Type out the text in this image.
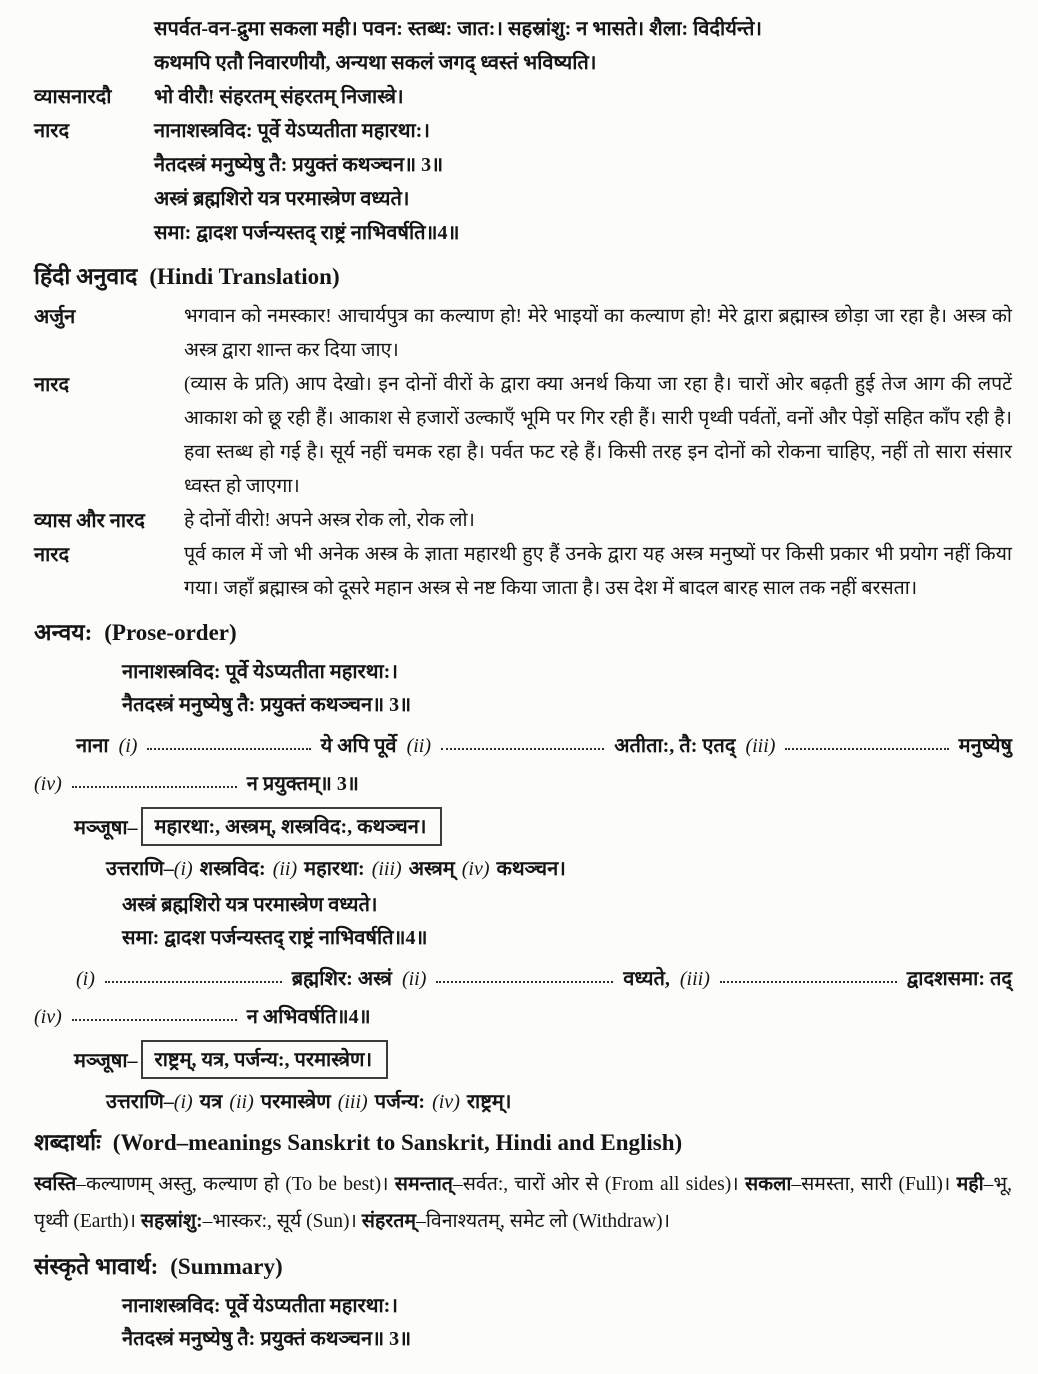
सपर्वत-वन-द्रुमा सकला मही। पवन: स्तब्ध: जात:। सहस्रांशु: न भासते। शैला: विदीर्यन्ते।
कथमपि एतौ निवारणीयौ, अन्यथा सकलं जगद् ध्वस्तं भविष्यति।
व्यासनारदौ	भो वीरौ! संहरतम् संहरतम् निजास्त्रे।
नारद	नानाशस्त्रविद: पूर्वे येऽप्यतीता महारथा:।
नैतदस्त्रं मनुष्येषु तै: प्रयुक्तं कथञ्चन॥ 3॥
अस्त्रं ब्रह्मशिरो यत्र परमास्त्रेण वध्यते।
समा: द्वादश पर्जन्यस्तद् राष्ट्रं नाभिवर्षति॥4॥
हिंदी अनुवाद (Hindi Translation)
अर्जुन	भगवान को नमस्कार! आचार्यपुत्र का कल्याण हो! मेरे भाइयों का कल्याण हो! मेरे द्वारा ब्रह्मास्त्र छोड़ा जा रहा है। अस्त्र को अस्त्र द्वारा शान्त कर दिया जाए।
नारद	(व्यास के प्रति) आप देखो। इन दोनों वीरों के द्वारा क्या अनर्थ किया जा रहा है। चारों ओर बढ़ती हुई तेज आग की लपटें आकाश को छू रही हैं। आकाश से हजारों उल्काएँ भूमि पर गिर रही हैं। सारी पृथ्वी पर्वतों, वनों और पेड़ों सहित काँप रही है। हवा स्तब्ध हो गई है। सूर्य नहीं चमक रहा है। पर्वत फट रहे हैं। किसी तरह इन दोनों को रोकना चाहिए, नहीं तो सारा संसार ध्वस्त हो जाएगा।
व्यास और नारद	हे दोनों वीरो! अपने अस्त्र रोक लो, रोक लो।
नारद	पूर्व काल में जो भी अनेक अस्त्र के ज्ञाता महारथी हुए हैं उनके द्वारा यह अस्त्र मनुष्यों पर किसी प्रकार भी प्रयोग नहीं किया गया। जहाँ ब्रह्मास्त्र को दूसरे महान अस्त्र से नष्ट किया जाता है। उस देश में बादल बारह साल तक नहीं बरसता।
अन्वय: (Prose-order)
नानाशस्त्रविद: पूर्वे येऽप्यतीता महारथा:।
नैतदस्त्रं मनुष्येषु तै: प्रयुक्तं कथञ्चन॥ 3॥
नाना (i)	ये अपि पूर्वे (ii)	अतीता:, तै: एतद् (iii)	मनुष्येषु
(iv)	न प्रयुक्तम्॥ 3॥
मञ्जूषा– महारथा:, अस्त्रम्, शस्त्रविद:, कथञ्चन।
उत्तराणि–(i) शस्त्रविद: (ii) महारथा: (iii) अस्त्रम् (iv) कथञ्चन।
अस्त्रं ब्रह्मशिरो यत्र परमास्त्रेण वध्यते।
समा: द्वादश पर्जन्यस्तद् राष्ट्रं नाभिवर्षति॥4॥
(i)	ब्रह्मशिर: अस्त्रं (ii)	वध्यते, (iii)	द्वादशसमा: तद्
(iv)	न अभिवर्षति॥4॥
मञ्जूषा– राष्ट्रम्, यत्र, पर्जन्य:, परमास्त्रेण।
उत्तराणि–(i) यत्र (ii) परमास्त्रेण (iii) पर्जन्य: (iv) राष्ट्रम्।
शब्दार्थाः (Word–meanings Sanskrit to Sanskrit, Hindi and English)

स्वस्ति–कल्याणम् अस्तु, कल्याण हो (To be best)। समन्तात्–सर्वत:, चारों ओर से (From all sides)। सकला–समस्ता, सारी (Full)। मही–भू, पृथ्वी (Earth)। सहस्रांशु:–भास्कर:, सूर्य (Sun)। संहरतम्–विनाश्यतम्, समेट लो (Withdraw)।

संस्कृते भावार्थ: (Summary)
नानाशस्त्रविद: पूर्वे येऽप्यतीता महारथा:।
नैतदस्त्रं मनुष्येषु तै: प्रयुक्तं कथञ्चन॥ 3॥
